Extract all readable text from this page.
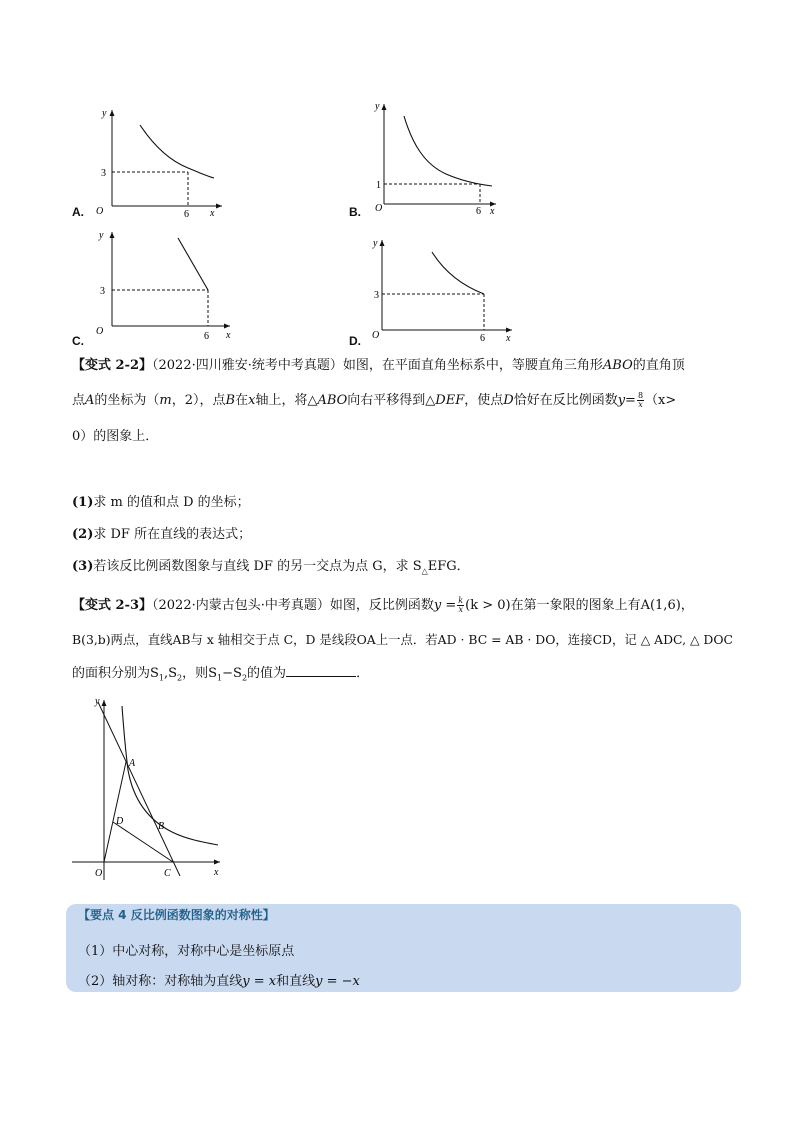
y
x
O
3
6
A.
y
x
O
1
6
B.
y
x
O
3
6
C.
y
x
O
3
6
D.
【变式 2-2】（2022·四川雅安·统考中考真题）如图，在平面直角坐标系中，等腰直角三角形ABO的直角顶
点A的坐标为（m，2），点B在x轴上，将△ABO向右平移得到△DEF，使点D恰好在反比例函数$y= \frac{8}{x} (x>$
0）的图象上．
(1)求 m 的值和点 D 的坐标；
(2)求 DF 所在直线的表达式；
(3)若该反比例函数图象与直线 DF 的另一交点为点 G，求 $S_\triangle EFG$．
【变式 2-3】（2022·内蒙古包头·中考真题）如图，反比例函数$y = \frac{k}{x} (k > 0)$在第一象限的图象上有A(1,6)，
B(3,b)两点，直线AB与 x 轴相交于点 C，D 是线段OA上一点．若AD · BC = AB · DO，连接CD，记 △ ADC, △ DOC
的面积分别为$S_1,S_2$，则$S_1-S_2$的值为	．
y
x
O
A
B
C
D
【要点 4 反比例函数图象的对称性】
（1）中心对称，对称中心是坐标原点
（2）轴对称：对称轴为直线y = x和直线y = −x
